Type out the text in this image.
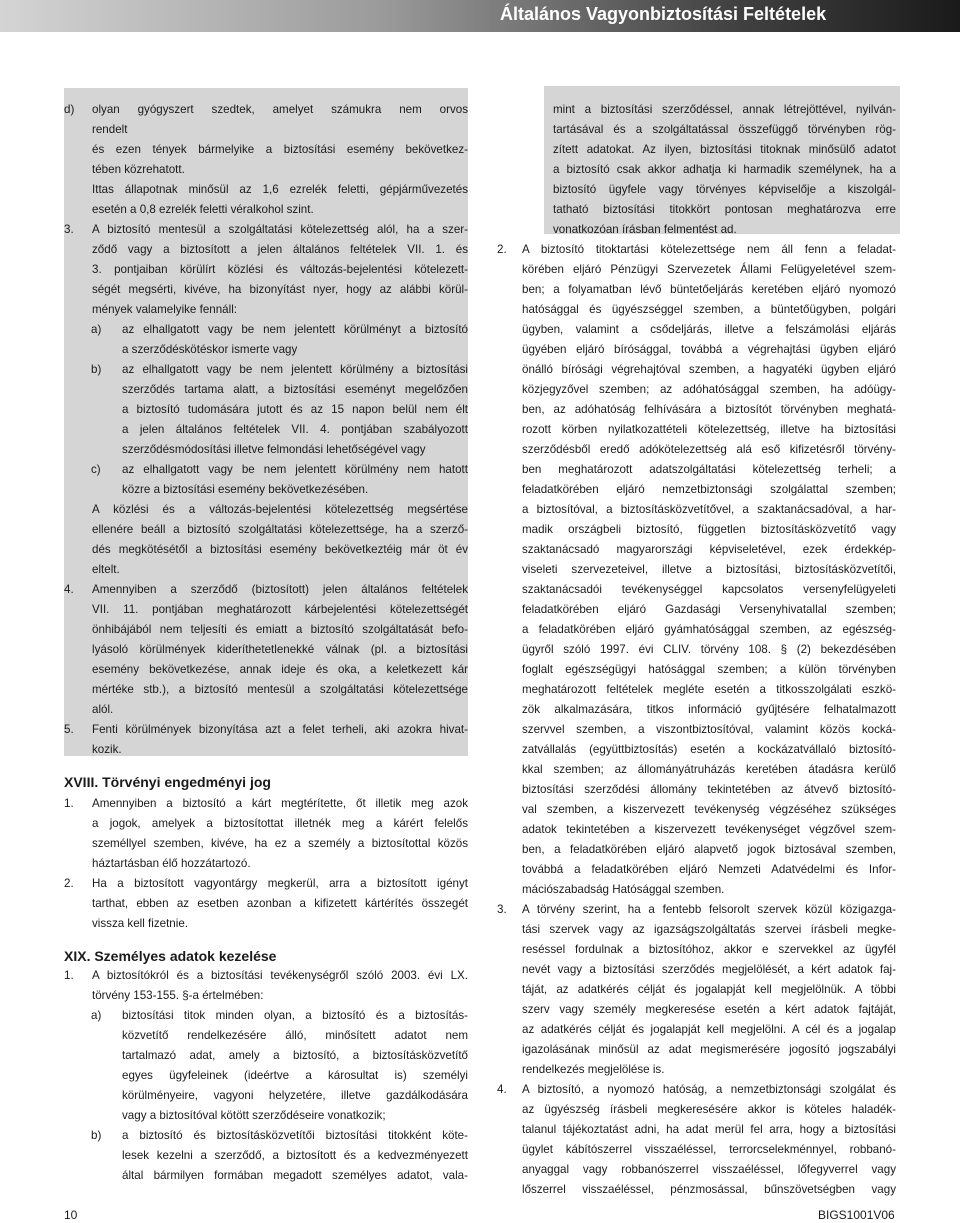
Általános Vagyonbiztosítási Feltételek
d) olyan gyógyszert szedtek, amelyet számukra nem orvos
rendelt
és ezen tények bármelyike a biztosítási esemény bekövetkez-
tében közrehatott.
Ittas állapotnak minősül az 1,6 ezrelék feletti, gépjárművezetés
esetén a 0,8 ezrelék feletti véralkohol szint.
3. A biztosító mentesül a szolgáltatási kötelezettség alól, ha a szer-
ződő vagy a biztosított a jelen általános feltételek VII. 1. és
3. pontjaiban körülírt közlési és változás-bejelentési kötelezett-
ségét megsérti, kivéve, ha bizonyítást nyer, hogy az alábbi körül-
mények valamelyike fennáll:
a) az elhallgatott vagy be nem jelentett körülményt a biztosító
a szerződéskötéskor ismerte vagy
b) az elhallgatott vagy be nem jelentett körülmény a biztosítási
szerződés tartama alatt, a biztosítási eseményt megelőzően
a biztosító tudomására jutott és az 15 napon belül nem élt
a jelen általános feltételek VII. 4. pontjában szabályozott
szerződésmódosítási illetve felmondási lehetőségével vagy
c) az elhallgatott vagy be nem jelentett körülmény nem hatott
közre a biztosítási esemény bekövetkezésében.
A közlési és a változás-bejelentési kötelezettség megsértése
ellenére beáll a biztosító szolgáltatási kötelezettsége, ha a szerző-
dés megkötésétől a biztosítási esemény bekövetkeztéig már öt év
eltelt.
4. Amennyiben a szerződő (biztosított) jelen általános feltételek
VII. 11. pontjában meghatározott kárbejelentési kötelezettségét
önhibájából nem teljesíti és emiatt a biztosító szolgáltatását befo-
lyásoló körülmények kideríthetetlenekké válnak (pl. a biztosítási
esemény bekövetkezése, annak ideje és oka, a keletkezett kár
mértéke stb.), a biztosító mentesül a szolgáltatási kötelezettsége
alól.
5. Fenti körülmények bizonyítása azt a felet terheli, aki azokra hivat-
kozik.
XVIII. Törvényi engedményi jog
1. Amennyiben a biztosító a kárt megtérítette, őt illetik meg azok
a jogok, amelyek a biztosítottat illetnék meg a kárért felelős
személlyel szemben, kivéve, ha ez a személy a biztosítottal közös
háztartásban élő hozzátartozó.
2. Ha a biztosított vagyontárgy megkerül, arra a biztosított igényt
tarthat, ebben az esetben azonban a kifizetett kártérítés összegét
vissza kell fizetnie.
XIX. Személyes adatok kezelése
1. A biztosítókról és a biztosítási tevékenységről szóló 2003. évi LX.
törvény 153-155. §-a értelmében:
a) biztosítási titok minden olyan, a biztosító és a biztosítás-
közvetítő rendelkezésére álló, minősített adatot nem
tartalmazó adat, amely a biztosító, a biztosításközvetítő
egyes ügyfeleinek (ideértve a károsultat is) személyi
körülményeire, vagyoni helyzetére, illetve gazdálkodására
vagy a biztosítóval kötött szerződéseire vonatkozik;
b) a biztosító és biztosításközvetítői biztosítási titokként köte-
lesek kezelni a szerződő, a biztosított és a kedvezményezett
által bármilyen formában megadott személyes adatot, vala-
mint a biztosítási szerződéssel, annak létrejöttével, nyilván-
tartásával és a szolgáltatással összefüggő törvényben rög-
zített adatokat. Az ilyen, biztosítási titoknak minősülő adatot
a biztosító csak akkor adhatja ki harmadik személynek, ha a
biztosító ügyfele vagy törvényes képviselője a kiszolgál-
tatható biztosítási titokkört pontosan meghatározva erre
vonatkozóan írásban felmentést ad.
2. A biztosító titoktartási kötelezettsége nem áll fenn a feladat-
körében eljáró Pénzügyi Szervezetek Állami Felügyeletével szem-
ben; a folyamatban lévő büntetőeljárás keretében eljáró nyomozó
hatósággal és ügyészséggel szemben, a büntetőügyben, polgári
ügyben, valamint a csődeljárás, illetve a felszámolási eljárás
ügyében eljáró bírósággal, továbbá a végrehajtási ügyben eljáró
önálló bírósági végrehajtóval szemben, a hagyatéki ügyben eljáró
közjegyzővel szemben; az adóhatósággal szemben, ha adóügy-
ben, az adóhatóság felhívására a biztosítót törvényben meghatá-
rozott körben nyilatkozattételi kötelezettség, illetve ha biztosítási
szerződésből eredő adókötelezettség alá eső kifizetésről törvény-
ben meghatározott adatszolgáltatási kötelezettség terheli; a
feladatkörében eljáró nemzetbiztonsági szolgálattal szemben;
a biztosítóval, a biztosításközvetítővel, a szaktanácsadóval, a har-
madik országbeli biztosító, független biztosításközvetítő vagy
szaktanácsadó magyarországi képviseletével, ezek érdekkép-
viseleti szervezeteivel, illetve a biztosítási, biztosításközvetítői,
szaktanácsadói tevékenységgel kapcsolatos versenyfelügyeleti
feladatkörében eljáró Gazdasági Versenyhivatallal szemben;
a feladatkörében eljáró gyámhatósággal szemben, az egészség-
ügyről szóló 1997. évi CLIV. törvény 108. § (2) bekezdésében
foglalt egészségügyi hatósággal szemben; a külön törvényben
meghatározott feltételek megléte esetén a titkosszolgálati eszkö-
zök alkalmazására, titkos információ gyűjtésére felhatalmazott
szervvel szemben, a viszontbiztosítóval, valamint közös kocká-
zatvállalás (együttbiztosítás) esetén a kockázatvállaló biztosító-
kkal szemben; az állományátruházás keretében átadásra kerülő
biztosítási szerződési állomány tekintetében az átvevő biztosító-
val szemben, a kiszervezett tevékenység végzéséhez szükséges
adatok tekintetében a kiszervezett tevékenységet végzővel szem-
ben, a feladatkörében eljáró alapvető jogok biztosával szemben,
továbbá a feladatkörében eljáró Nemzeti Adatvédelmi és Infor-
mációszabadság Hatósággal szemben.
3. A törvény szerint, ha a fentebb felsorolt szervek közül közigazga-
tási szervek vagy az igazságszolgáltatás szervei írásbeli megke-
reséssel fordulnak a biztosítóhoz, akkor e szervekkel az ügyfél
nevét vagy a biztosítási szerződés megjelölését, a kért adatok faj-
táját, az adatkérés célját és jogalapját kell megjelölnük. A többi
szerv vagy személy megkeresése esetén a kért adatok fajtáját,
az adatkérés célját és jogalapját kell megjelölni. A cél és a jogalap
igazolásának minősül az adat megismerésére jogosító jogszabályi
rendelkezés megjelölése is.
4. A biztosító, a nyomozó hatóság, a nemzetbiztonsági szolgálat és
az ügyészség írásbeli megkeresésére akkor is köteles haladék-
talanul tájékoztatást adni, ha adat merül fel arra, hogy a biztosítási
ügylet kábítószerrel visszaéléssel, terrorcselekménnyel, robbanó-
anyaggal vagy robbanószerrel visszaéléssel, lőfegyverrel vagy
lőszerrel visszaéléssel, pénzmosással, bűnszövetségben vagy
10	BIGS1001V06
